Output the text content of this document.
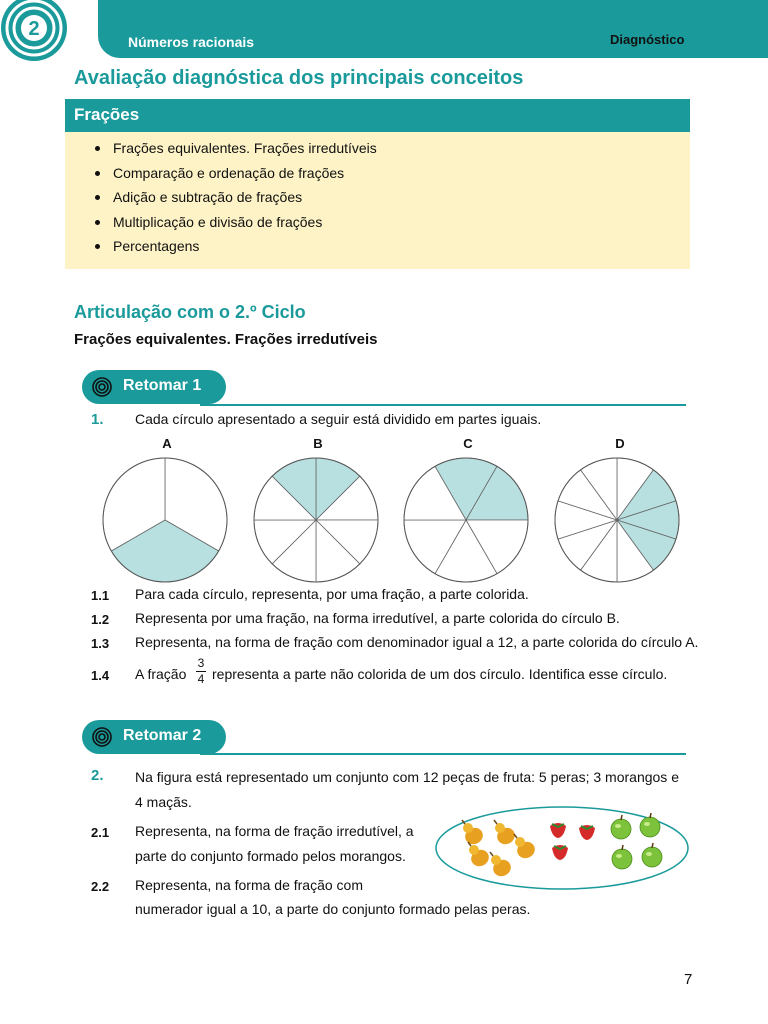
2
Números racionais	Diagnóstico
Avaliação diagnóstica dos principais conceitos
Frações
Frações equivalentes. Frações irredutíveis
Comparação e ordenação de frações
Adição e subtração de frações
Multiplicação e divisão de frações
Percentagens
Articulação com o 2.º Ciclo
Frações equivalentes. Frações irredutíveis
Retomar 1
1. Cada círculo apresentado a seguir está dividido em partes iguais.
A	B	C	D
1.1 Para cada círculo, representa, por uma fração, a parte colorida.
1.2 Representa por uma fração, na forma irredutível, a parte colorida do círculo B.
1.3 Representa, na forma de fração com denominador igual a 12, a parte colorida do círculo A.
1.4 A fração
3
4 representa a parte não colorida de um dos círculo. Identifica esse círculo.
Retomar 2
2. Na figura está representado um conjunto com 12 peças de fruta: 5 peras; 3 morangos e
4 maçãs.
2.1 Representa, na forma de fração irredutível, a
parte do conjunto formado pelos morangos.
2.2 Representa, na forma de fração com
numerador igual a 10, a parte do conjunto formado pelas peras.
7
